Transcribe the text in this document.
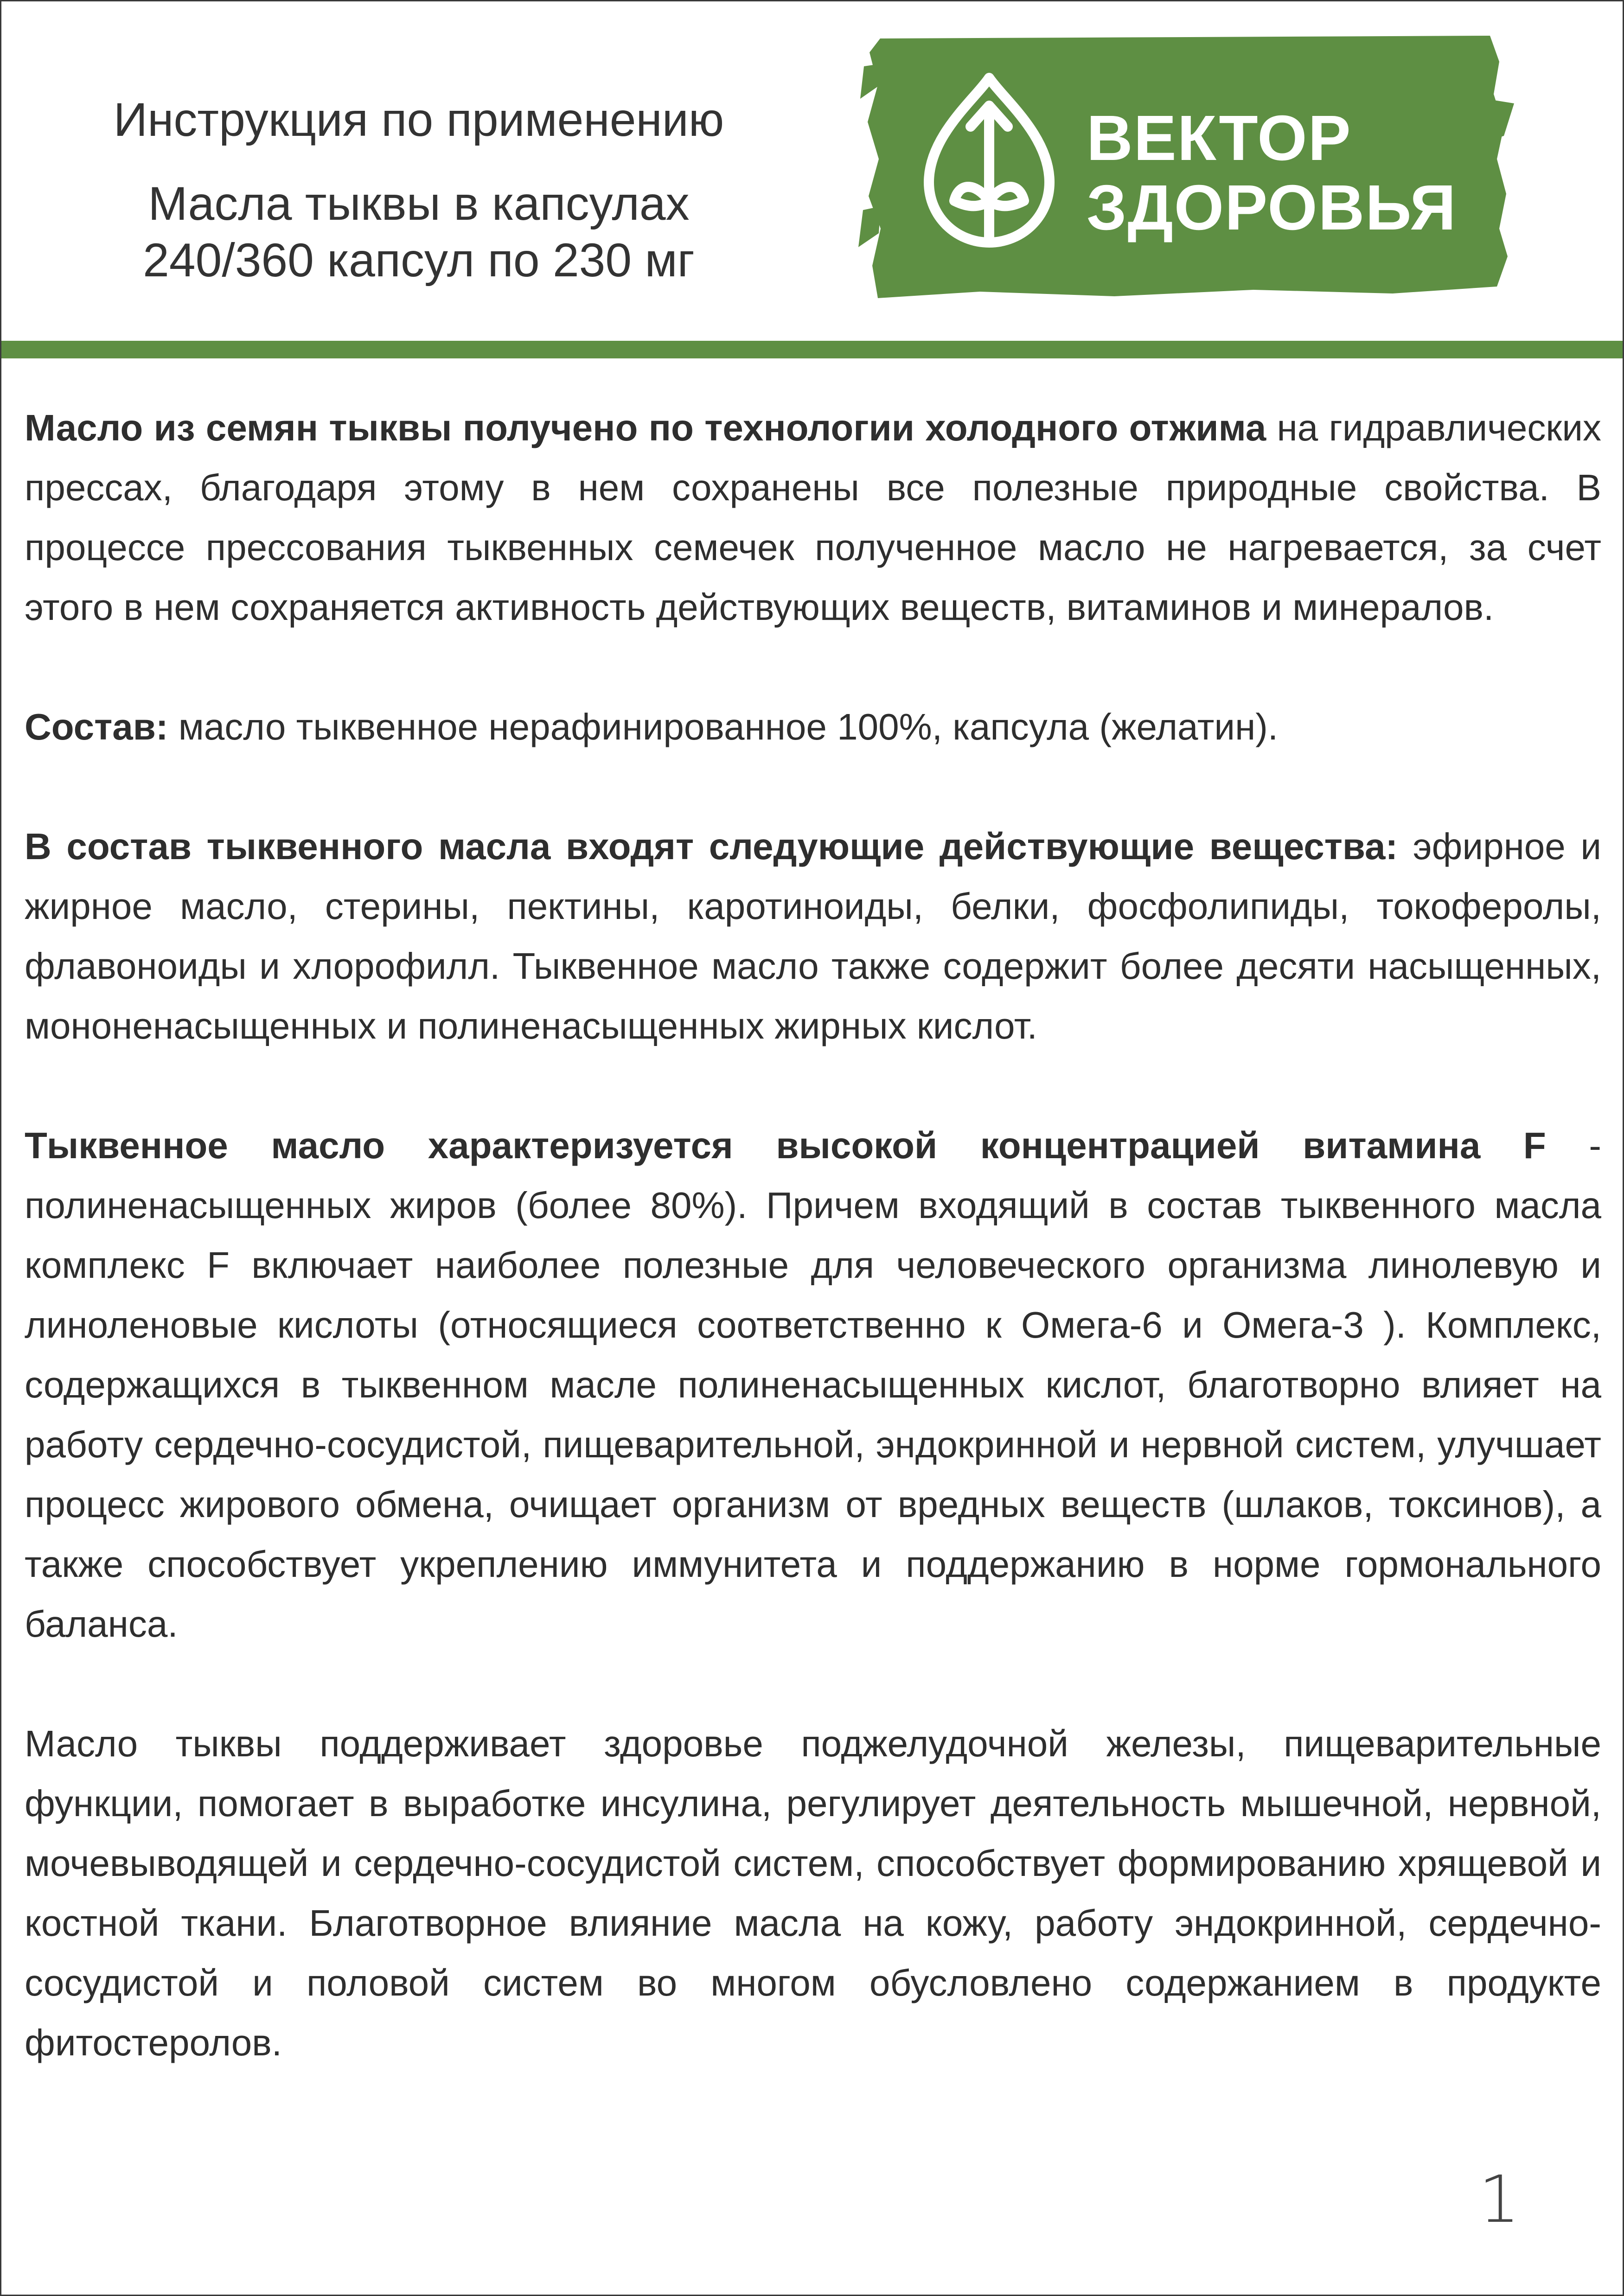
Инструкция по применению
Масла тыквы в капсулах
240/360 капсул по 230 мг
ВЕКТОР
ЗДОРОВЬЯ

Масло из семян тыквы получено по технологии холодного отжима на гидравлических прессах, благодаря этому в нем сохранены все полезные природные свойства. В процессе прессования тыквенных семечек полученное масло не нагревается, за счет этого в нем сохраняется активность действующих веществ, витаминов и минералов.

Состав: масло тыквенное нерафинированное 100%, капсула (желатин).

В состав тыквенного масла входят следующие действующие вещества: эфирное и жирное масло, стерины, пектины, каротиноиды, белки, фосфолипиды, токоферолы, флавоноиды и хлорофилл. Тыквенное масло также содержит более десяти насыщенных, мононенасыщенных и полиненасыщенных жирных кислот.

Тыквенное масло характеризуется высокой концентрацией витамина F - полиненасыщенных жиров (более 80%). Причем входящий в состав тыквенного масла комплекс F включает наиболее полезные для человеческого организма линолевую и линоленовые кислоты (относящиеся соответственно к Омега-6 и Омега-3 ). Комплекс, содержащихся в тыквенном масле полиненасыщенных кислот, благотворно влияет на работу сердечно-сосудистой, пищеварительной, эндокринной и нервной систем, улучшает процесс жирового обмена, очищает организм от вредных веществ (шлаков, токсинов), а также способствует укреплению иммунитета и поддержанию в норме гормонального баланса.

Масло тыквы поддерживает здоровье поджелудочной железы, пищеварительные функции, помогает в выработке инсулина, регулирует деятельность мышечной, нервной, мочевыводящей и сердечно-сосудистой систем, способствует формированию хрящевой и костной ткани. Благотворное влияние масла на кожу, работу эндокринной, сердечно-сосудистой и половой систем во многом обусловлено содержанием в продукте фитостеролов.

1
